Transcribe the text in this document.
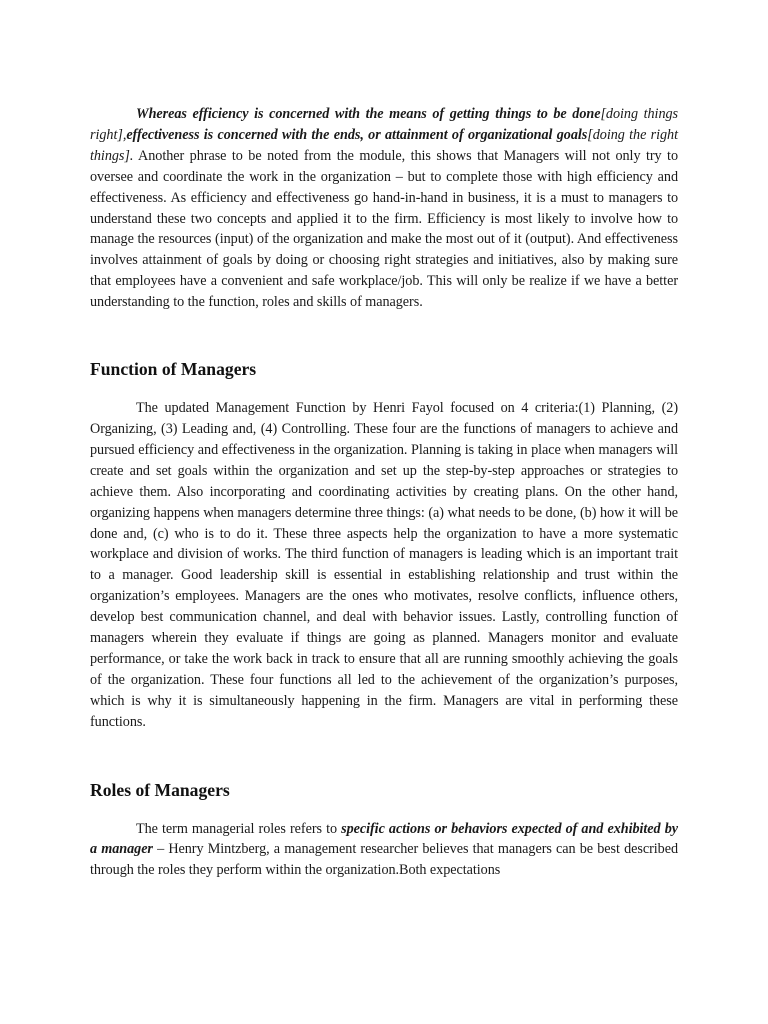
Whereas efficiency is concerned with the means of getting things to be done[doing things right],effectiveness is concerned with the ends, or attainment of organizational goals[doing the right things]. Another phrase to be noted from the module, this shows that Managers will not only try to oversee and coordinate the work in the organization – but to complete those with high efficiency and effectiveness. As efficiency and effectiveness go hand-in-hand in business, it is a must to managers to understand these two concepts and applied it to the firm. Efficiency is most likely to involve how to manage the resources (input) of the organization and make the most out of it (output). And effectiveness involves attainment of goals by doing or choosing right strategies and initiatives, also by making sure that employees have a convenient and safe workplace/job. This will only be realize if we have a better understanding to the function, roles and skills of managers.

Function of Managers

The updated Management Function by Henri Fayol focused on 4 criteria:(1) Planning, (2) Organizing, (3) Leading and, (4) Controlling. These four are the functions of managers to achieve and pursued efficiency and effectiveness in the organization. Planning is taking in place when managers will create and set goals within the organization and set up the step-by-step approaches or strategies to achieve them. Also incorporating and coordinating activities by creating plans. On the other hand, organizing happens when managers determine three things: (a) what needs to be done, (b) how it will be done and, (c) who is to do it. These three aspects help the organization to have a more systematic workplace and division of works. The third function of managers is leading which is an important trait to a manager. Good leadership skill is essential in establishing relationship and trust within the organization’s employees. Managers are the ones who motivates, resolve conflicts, influence others, develop best communication channel, and deal with behavior issues. Lastly, controlling function of managers wherein they evaluate if things are going as planned. Managers monitor and evaluate performance, or take the work back in track to ensure that all are running smoothly achieving the goals of the organization. These four functions all led to the achievement of the organization’s purposes, which is why it is simultaneously happening in the firm. Managers are vital in performing these functions.

Roles of Managers

The term managerial roles refers to specific actions or behaviors expected of and exhibited by a manager – Henry Mintzberg, a management researcher believes that managers can be best described through the roles they perform within the organization.Both expectations
